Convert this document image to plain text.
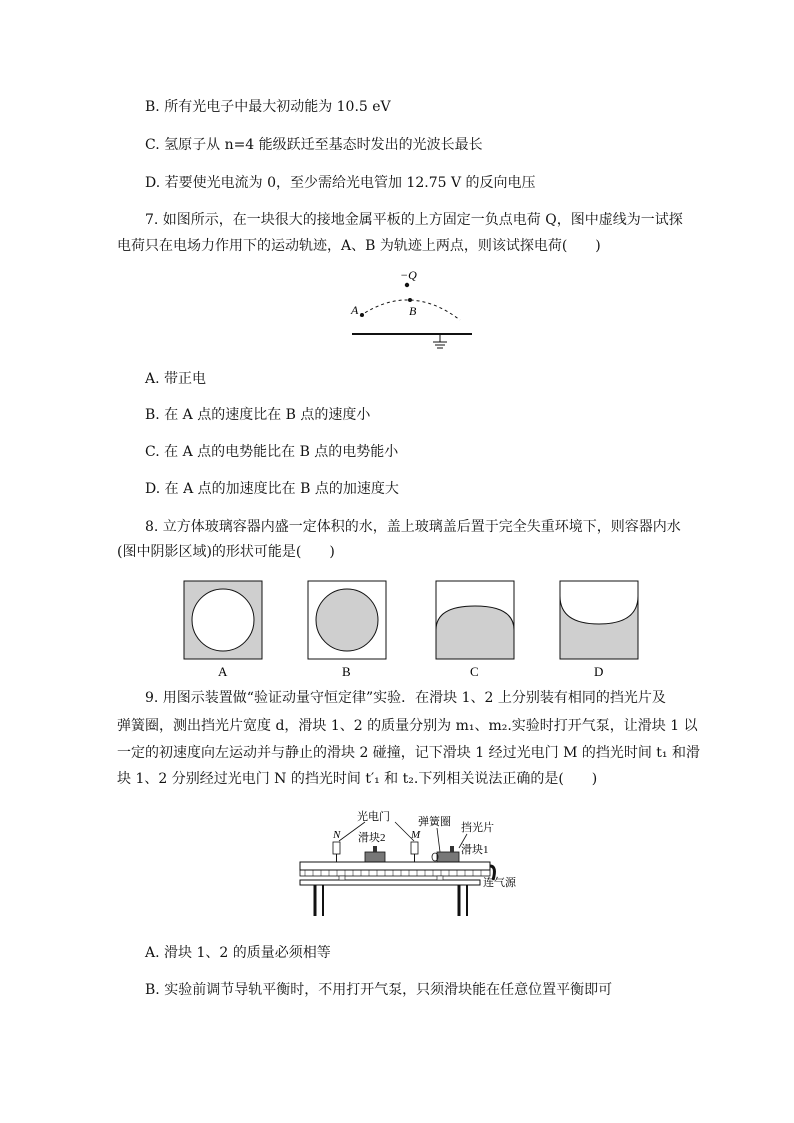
B. 所有光电子中最大初动能为 10.5 eV
C. 氢原子从 n=4 能级跃迁至基态时发出的光波长最长
D. 若要使光电流为 0，至少需给光电管加 12.75 V 的反向电压
7. 如图所示，在一块很大的接地金属平板的上方固定一负点电荷 Q，图中虚线为一试探
电荷只在电场力作用下的运动轨迹，A、B 为轨迹上两点，则该试探电荷(　　)
−Q
A	B
A. 带正电
B. 在 A 点的速度比在 B 点的速度小
C. 在 A 点的电势能比在 B 点的电势能小
D. 在 A 点的加速度比在 B 点的加速度大
8. 立方体玻璃容器内盛一定体积的水，盖上玻璃盖后置于完全失重环境下，则容器内水
(图中阴影区域)的形状可能是(　　)
A	B	C	D
9. 用图示装置做“验证动量守恒定律”实验．在滑块 1、2 上分别装有相同的挡光片及
弹簧圈，测出挡光片宽度 d，滑块 1、2 的质量分别为 m₁、m₂.实验时打开气泵，让滑块 1 以
一定的初速度向左运动并与静止的滑块 2 碰撞，记下滑块 1 经过光电门 M 的挡光时间 t₁ 和滑
块 1、2 分别经过光电门 N 的挡光时间 t′₁ 和 t₂.下列相关说法正确的是(　　)
光电门	弹簧圈 挡光片
滑块2
滑块1
N	M
连气源
A. 滑块 1、2 的质量必须相等
B. 实验前调节导轨平衡时，不用打开气泵，只须滑块能在任意位置平衡即可
